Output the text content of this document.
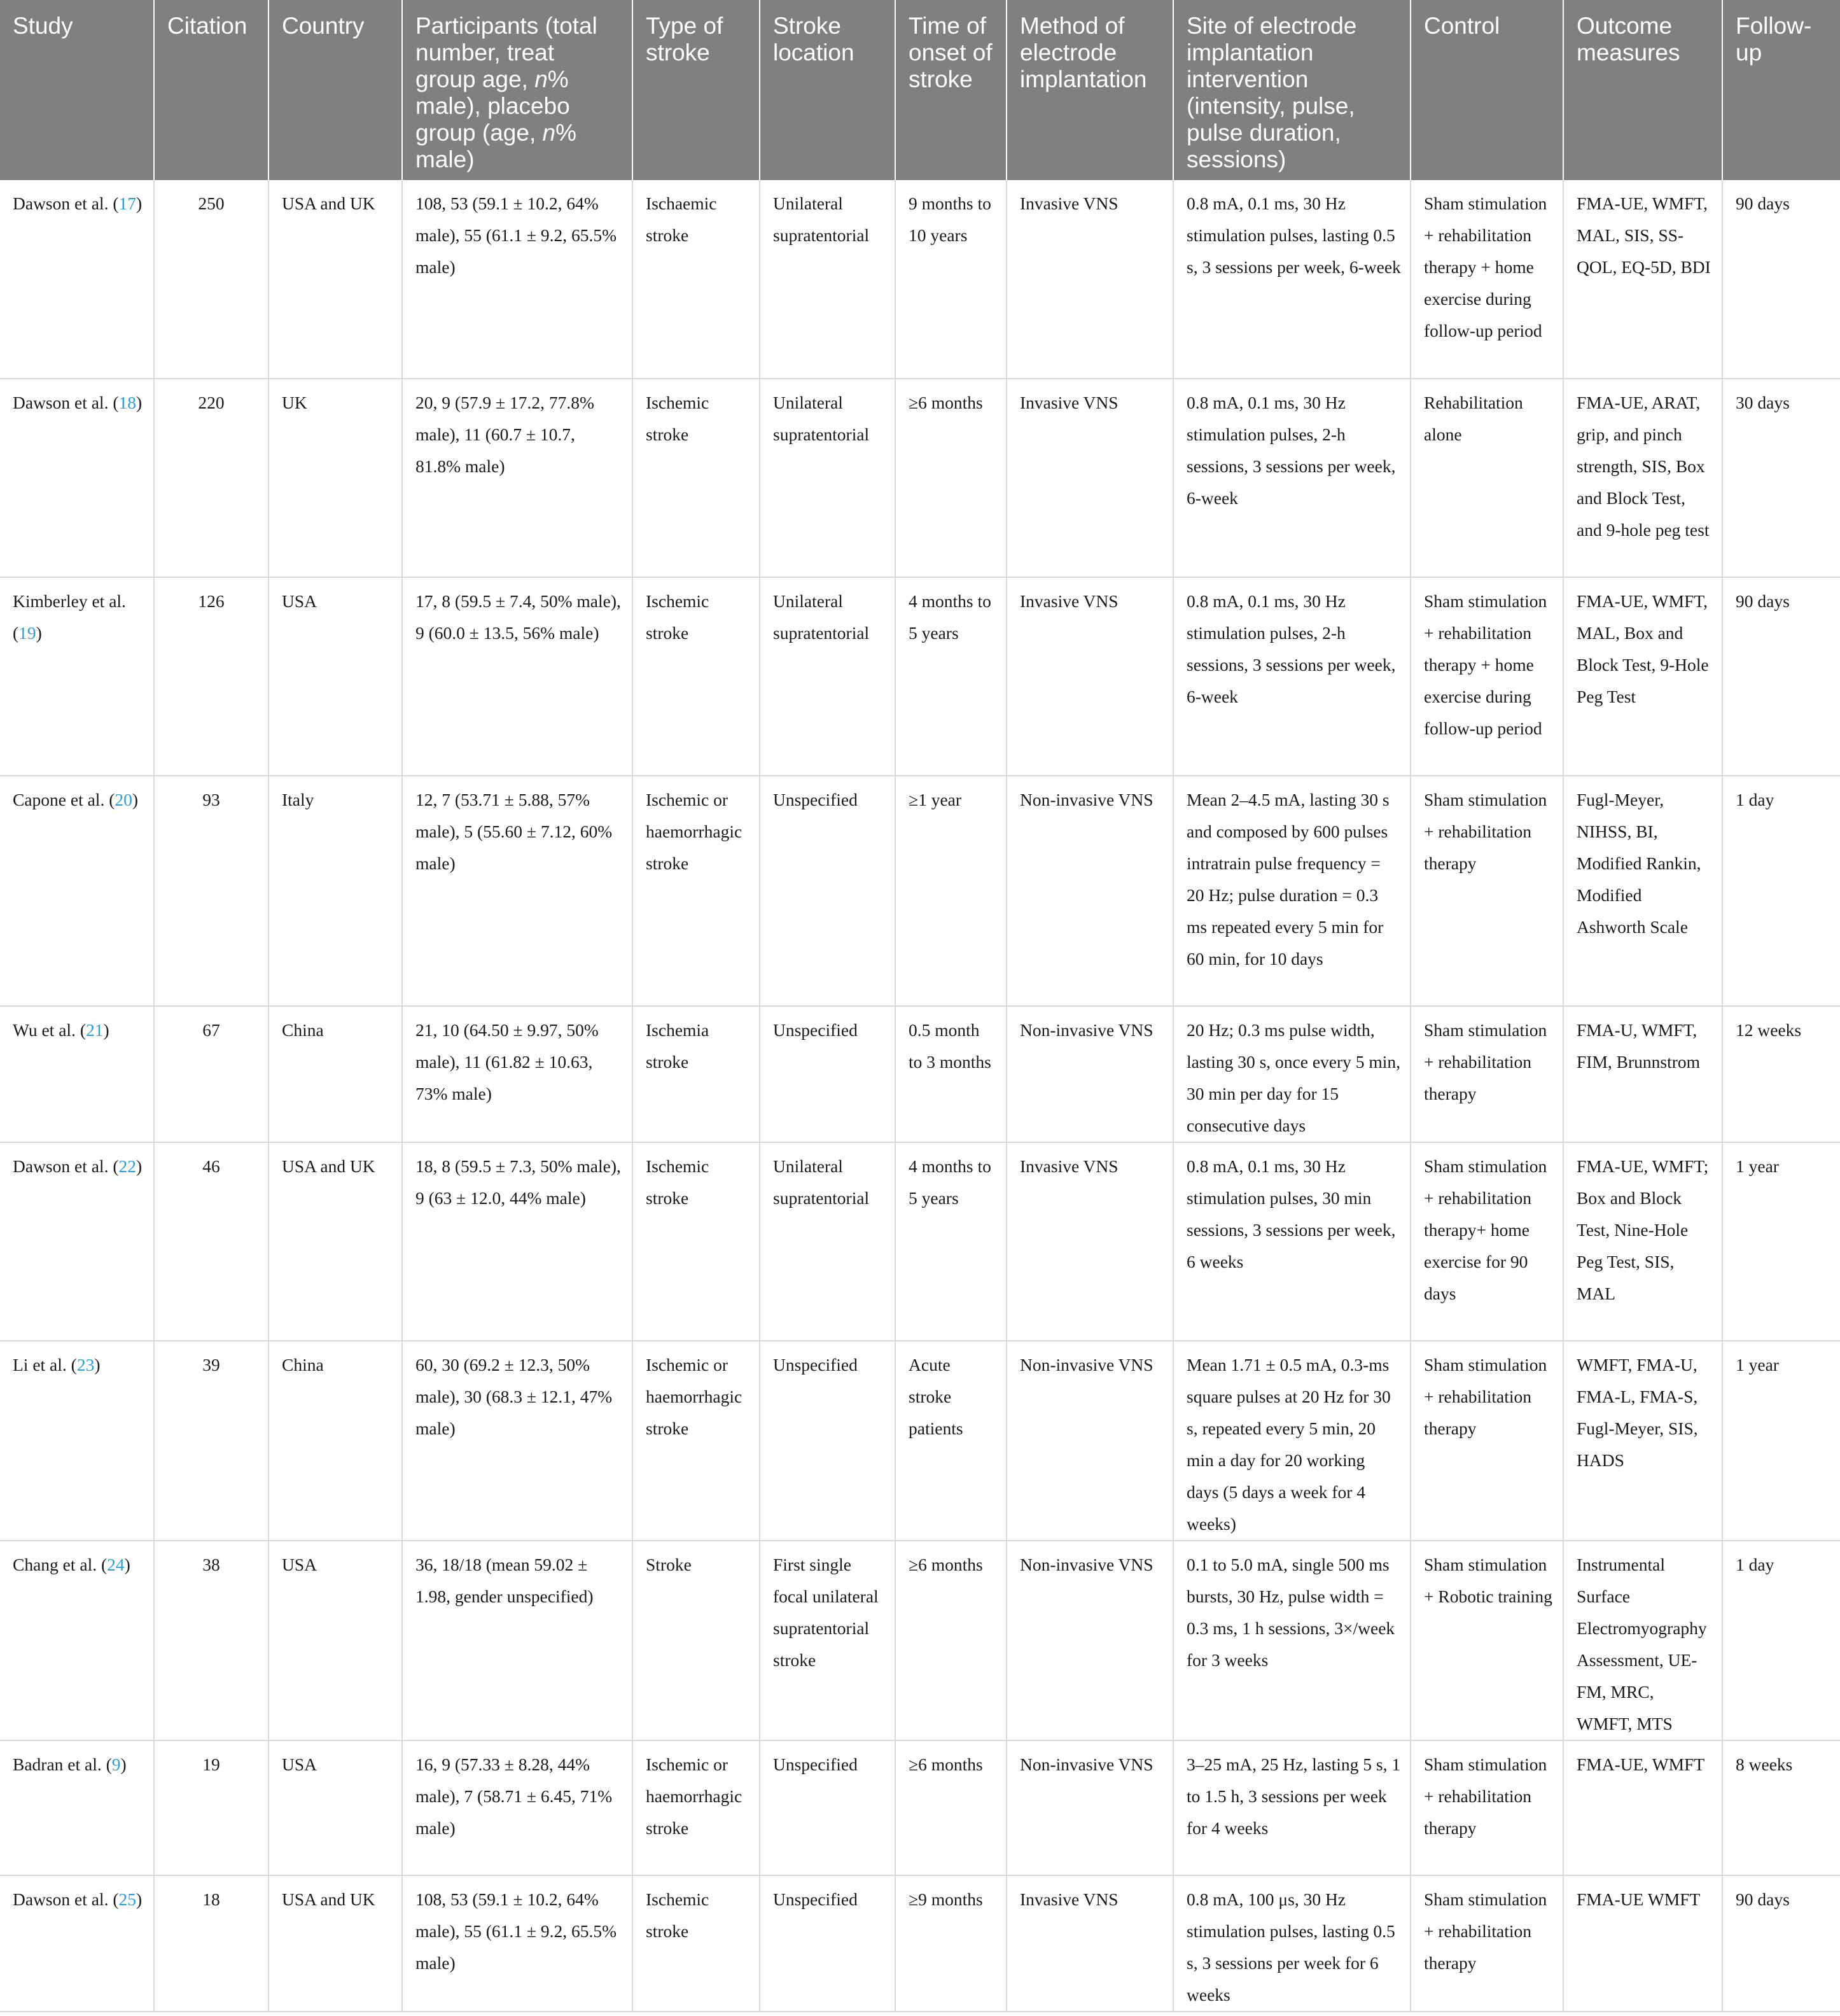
Study	Citation	Country	Participants (total number, treat group age, n% male), placebo group (age, n% male)	Type of stroke	Stroke location	Time of onset of stroke	Method of electrode implantation	Site of electrode implantation intervention (intensity, pulse, pulse duration, sessions)	Control	Outcome measures	Follow-up
Dawson et al. (17)	250	USA and UK	108, 53 (59.1 ± 10.2, 64% male), 55 (61.1 ± 9.2, 65.5% male)	Ischaemic stroke	Unilateral supratentorial	9 months to 10 years	Invasive VNS	0.8 mA, 0.1 ms, 30 Hz stimulation pulses, lasting 0.5 s, 3 sessions per week, 6-week	Sham stimulation + rehabilitation therapy + home exercise during follow-up period	FMA-UE, WMFT, MAL, SIS, SS-QOL, EQ-5D, BDI	90 days
Dawson et al. (18)	220	UK	20, 9 (57.9 ± 17.2, 77.8% male), 11 (60.7 ± 10.7, 81.8% male)	Ischemic stroke	Unilateral supratentorial	≥6 months	Invasive VNS	0.8 mA, 0.1 ms, 30 Hz stimulation pulses, 2-h sessions, 3 sessions per week, 6-week	Rehabilitation alone	FMA-UE, ARAT, grip, and pinch strength, SIS, Box and Block Test, and 9-hole peg test	30 days
Kimberley et al. (19)	126	USA	17, 8 (59.5 ± 7.4, 50% male), 9 (60.0 ± 13.5, 56% male)	Ischemic stroke	Unilateral supratentorial	4 months to 5 years	Invasive VNS	0.8 mA, 0.1 ms, 30 Hz stimulation pulses, 2-h sessions, 3 sessions per week, 6-week	Sham stimulation + rehabilitation therapy + home exercise during follow-up period	FMA-UE, WMFT, MAL, Box and Block Test, 9-Hole Peg Test	90 days
Capone et al. (20)	93	Italy	12, 7 (53.71 ± 5.88, 57% male), 5 (55.60 ± 7.12, 60% male)	Ischemic or haemorrhagic stroke	Unspecified	≥1 year	Non-invasive VNS	Mean 2–4.5 mA, lasting 30 s and composed by 600 pulses intratrain pulse frequency = 20 Hz; pulse duration = 0.3 ms repeated every 5 min for 60 min, for 10 days	Sham stimulation + rehabilitation therapy	Fugl-Meyer, NIHSS, BI, Modified Rankin, Modified Ashworth Scale	1 day
Wu et al. (21)	67	China	21, 10 (64.50 ± 9.97, 50% male), 11 (61.82 ± 10.63, 73% male)	Ischemia stroke	Unspecified	0.5 month to 3 months	Non-invasive VNS	20 Hz; 0.3 ms pulse width, lasting 30 s, once every 5 min, 30 min per day for 15 consecutive days	Sham stimulation + rehabilitation therapy	FMA-U, WMFT, FIM, Brunnstrom	12 weeks
Dawson et al. (22)	46	USA and UK	18, 8 (59.5 ± 7.3, 50% male), 9 (63 ± 12.0, 44% male)	Ischemic stroke	Unilateral supratentorial	4 months to 5 years	Invasive VNS	0.8 mA, 0.1 ms, 30 Hz stimulation pulses, 30 min sessions, 3 sessions per week, 6 weeks	Sham stimulation + rehabilitation therapy+ home exercise for 90 days	FMA-UE, WMFT; Box and Block Test, Nine-Hole Peg Test, SIS, MAL	1 year
Li et al. (23)	39	China	60, 30 (69.2 ± 12.3, 50% male), 30 (68.3 ± 12.1, 47% male)	Ischemic or haemorrhagic stroke	Unspecified	Acute stroke patients	Non-invasive VNS	Mean 1.71 ± 0.5 mA, 0.3-ms square pulses at 20 Hz for 30 s, repeated every 5 min, 20 min a day for 20 working days (5 days a week for 4 weeks)	Sham stimulation + rehabilitation therapy	WMFT, FMA-U, FMA-L, FMA-S, Fugl-Meyer, SIS, HADS	1 year
Chang et al. (24)	38	USA	36, 18/18 (mean 59.02 ± 1.98, gender unspecified)	Stroke	First single focal unilateral supratentorial stroke	≥6 months	Non-invasive VNS	0.1 to 5.0 mA, single 500 ms bursts, 30 Hz, pulse width = 0.3 ms, 1 h sessions, 3×/week for 3 weeks	Sham stimulation + Robotic training	Instrumental Surface Electromyography Assessment, UE-FM, MRC, WMFT, MTS	1 day
Badran et al. (9)	19	USA	16, 9 (57.33 ± 8.28, 44% male), 7 (58.71 ± 6.45, 71% male)	Ischemic or haemorrhagic stroke	Unspecified	≥6 months	Non-invasive VNS	3–25 mA, 25 Hz, lasting 5 s, 1 to 1.5 h, 3 sessions per week for 4 weeks	Sham stimulation + rehabilitation therapy	FMA-UE, WMFT	8 weeks
Dawson et al. (25)	18	USA and UK	108, 53 (59.1 ± 10.2, 64% male), 55 (61.1 ± 9.2, 65.5% male)	Ischemic stroke	Unspecified	≥9 months	Invasive VNS	0.8 mA, 100 μs, 30 Hz stimulation pulses, lasting 0.5 s, 3 sessions per week for 6 weeks	Sham stimulation + rehabilitation therapy	FMA-UE WMFT	90 days
